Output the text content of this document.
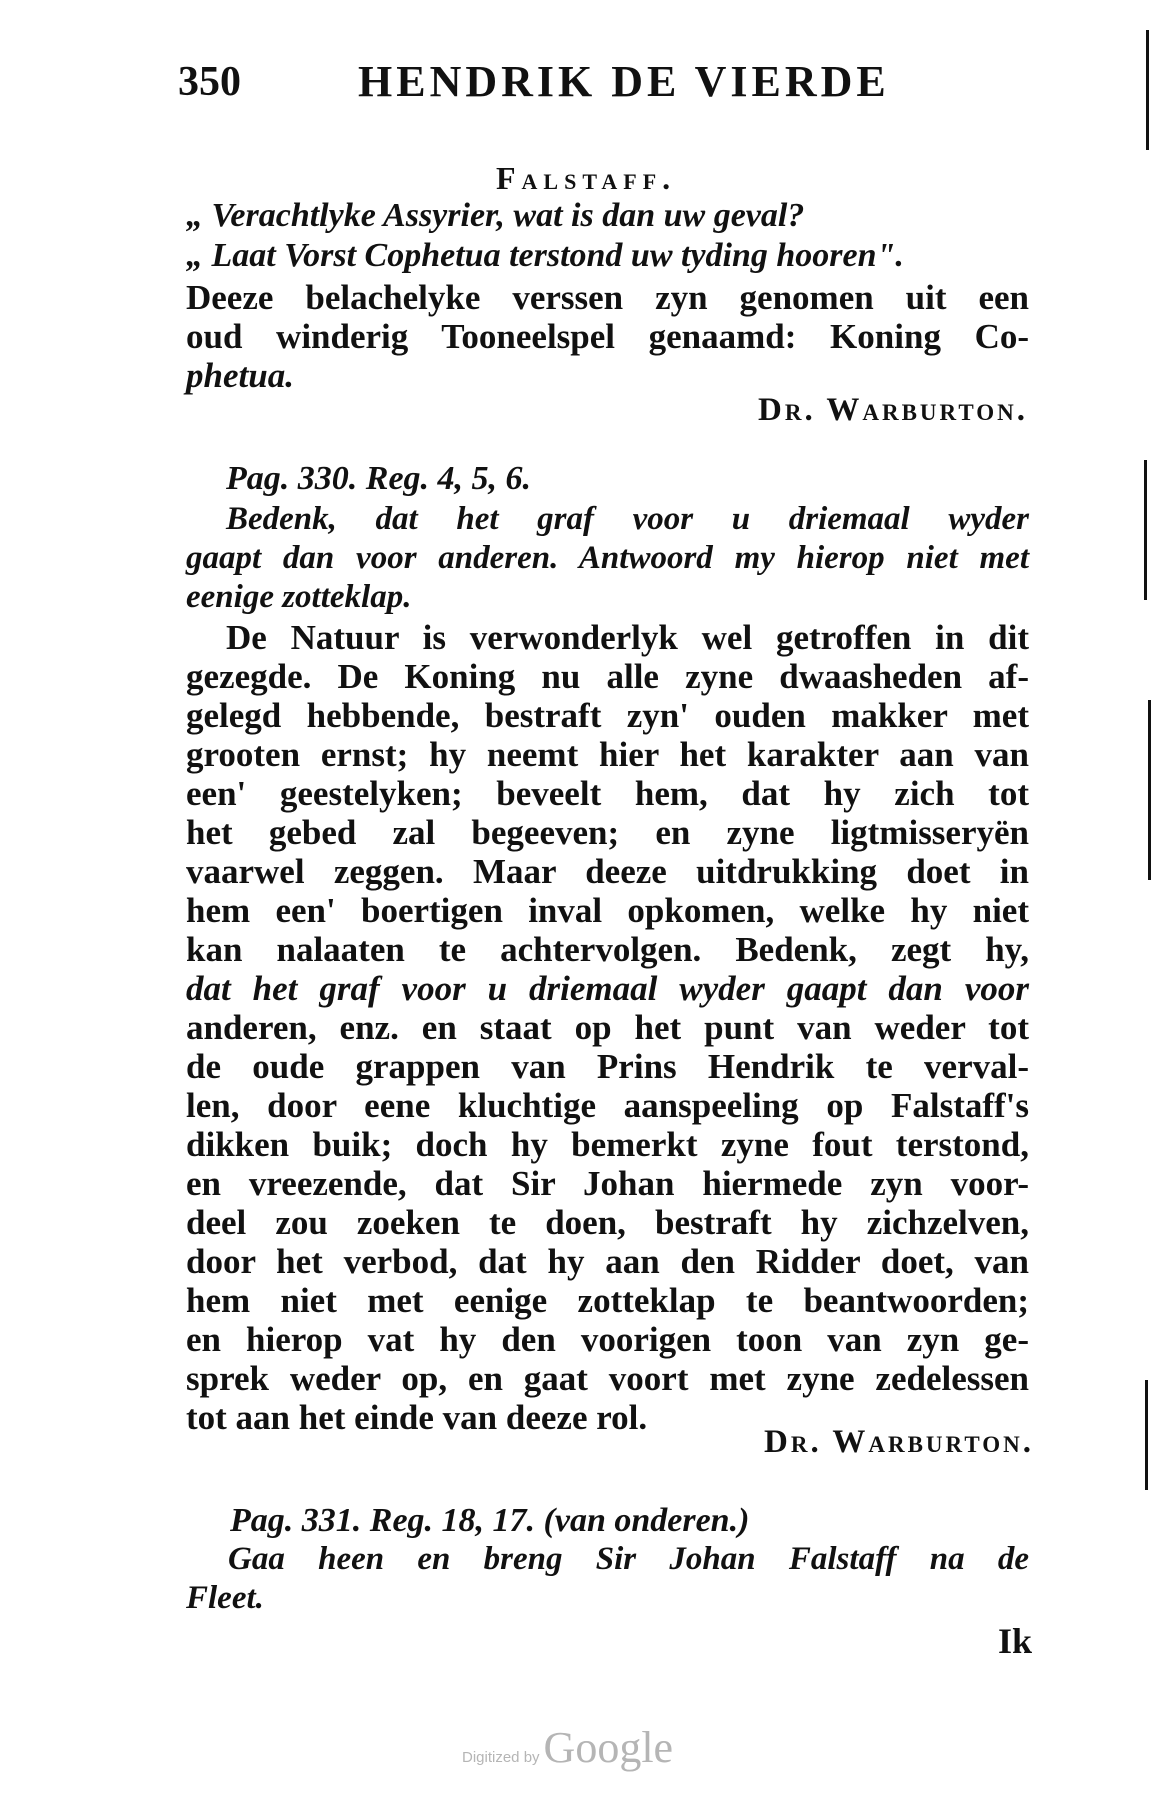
350	HENDRIK DE VIERDE
Falstaff.
„ Verachtlyke Assyrier, wat is dan uw geval?
„ Laat Vorst Cophetua terstond uw tyding hooren".
Deeze belachelyke verssen zyn genomen uit een
oud winderig Tooneelspel genaamd: Koning Co-
phetua.
Dr. Warburton.
Pag. 330. Reg. 4, 5, 6.
Bedenk, dat het graf voor u driemaal wyder
gaapt dan voor anderen. Antwoord my hierop niet met
eenige zotteklap.
De Natuur is verwonderlyk wel getroffen in dit
gezegde. De Koning nu alle zyne dwaasheden af-
gelegd hebbende, bestraft zyn' ouden makker met
grooten ernst; hy neemt hier het karakter aan van
een' geestelyken; beveelt hem, dat hy zich tot
het gebed zal begeeven; en zyne ligtmisseryën
vaarwel zeggen. Maar deeze uitdrukking doet in
hem een' boertigen inval opkomen, welke hy niet
kan nalaaten te achtervolgen. Bedenk, zegt hy,
dat het graf voor u driemaal wyder gaapt dan voor
anderen, enz. en staat op het punt van weder tot
de oude grappen van Prins Hendrik te verval-
len, door eene kluchtige aanspeeling op Falstaff's
dikken buik; doch hy bemerkt zyne fout terstond,
en vreezende, dat Sir Johan hiermede zyn voor-
deel zou zoeken te doen, bestraft hy zichzelven,
door het verbod, dat hy aan den Ridder doet, van
hem niet met eenige zotteklap te beantwoorden;
en hierop vat hy den voorigen toon van zyn ge-
sprek weder op, en gaat voort met zyne zedelessen
tot aan het einde van deeze rol.
Dr. Warburton.
Pag. 331. Reg. 18, 17. (van onderen.)
Gaa heen en breng Sir Johan Falstaff na de
Fleet.
Ik
Digitized by Google
